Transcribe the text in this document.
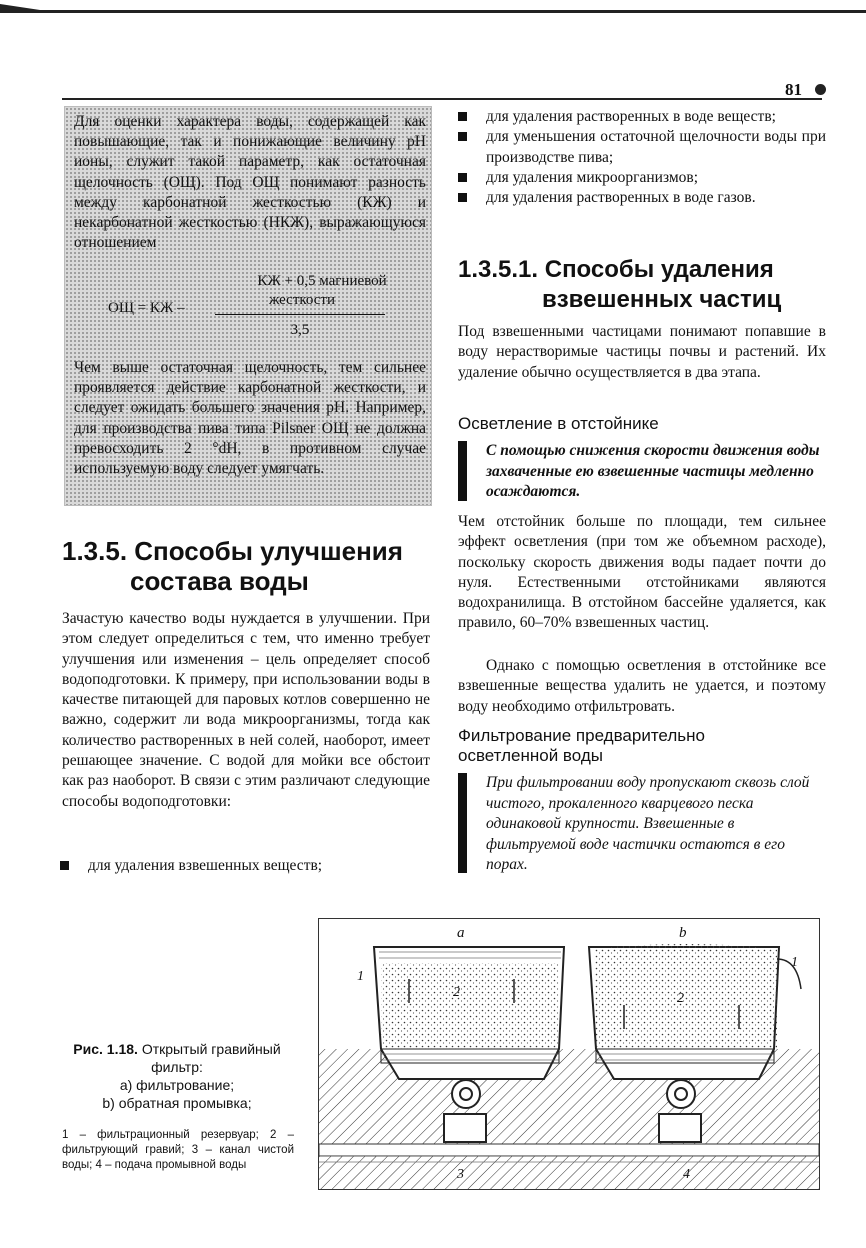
81
Для оценки характера воды, содержащей как повышающие, так и понижающие величину pH ионы, служит такой параметр, как остаточная щелочность (ОЩ). Под ОЩ понимают разность между карбонатной жесткостью (КЖ) и некарбонатной жесткостью (НКЖ), выражающуюся отношением
КЖ + 0,5 магниевой
ОЩ = КЖ –	жесткости
3,5
Чем выше остаточная щелочность, тем сильнее проявляется действие карбонатной жесткости, и следует ожидать большего значения pH. Например, для производства пива типа Pilsner ОЩ не должна превосходить 2 °dH, в противном случае используемую воду следует умягчать.
1.3.5. Способы улучшения
состава воды
Зачастую качество воды нуждается в улучшении. При этом следует определиться с тем, что именно требует улучшения или изменения – цель определяет способ водоподготовки. К примеру, при использовании воды в качестве питающей для паровых котлов совершенно не важно, содержит ли вода микроорганизмы, тогда как количество растворенных в ней солей, наоборот, имеет решающее значение. С водой для мойки все обстоит как раз наоборот. В связи с этим различают следующие способы водоподготовки:
для удаления взвешенных веществ;
для удаления растворенных в воде веществ;
для уменьшения остаточной щелочности воды при производстве пива;
для удаления микроорганизмов;
для удаления растворенных в воде газов.
1.3.5.1. Способы удаления
взвешенных частиц
Под взвешенными частицами понимают попавшие в воду нерастворимые частицы почвы и растений. Их удаление обычно осуществляется в два этапа.
Осветление в отстойнике
С помощью снижения скорости движения воды захваченные ею взвешенные частицы медленно осаждаются.
Чем отстойник больше по площади, тем сильнее эффект осветления (при том же объемном расходе), поскольку скорость движения воды падает почти до нуля. Естественными отстойниками являются водохранилища. В отстойном бассейне удаляется, как правило, 60–70% взвешенных частиц.
Однако с помощью осветления в отстойнике все взвешенные вещества удалить не удается, и поэтому воду необходимо отфильтровать.
Фильтрование предварительно
осветленной воды
При фильтровании воду пропускают сквозь слой чистого, прокаленного кварцевого песка одинаковой крупности. Взвешенные в фильтруемой воде частички остаются в его порах.
Рис. 1.18. Открытый гравийный фильтр:
a) фильтрование;
b) обратная промывка;
1 – фильтрационный резервуар; 2 – фильтрующий гравий; 3 – канал чистой воды; 4 – подача промывной воды
a	b
1
1
2	2
3	4
